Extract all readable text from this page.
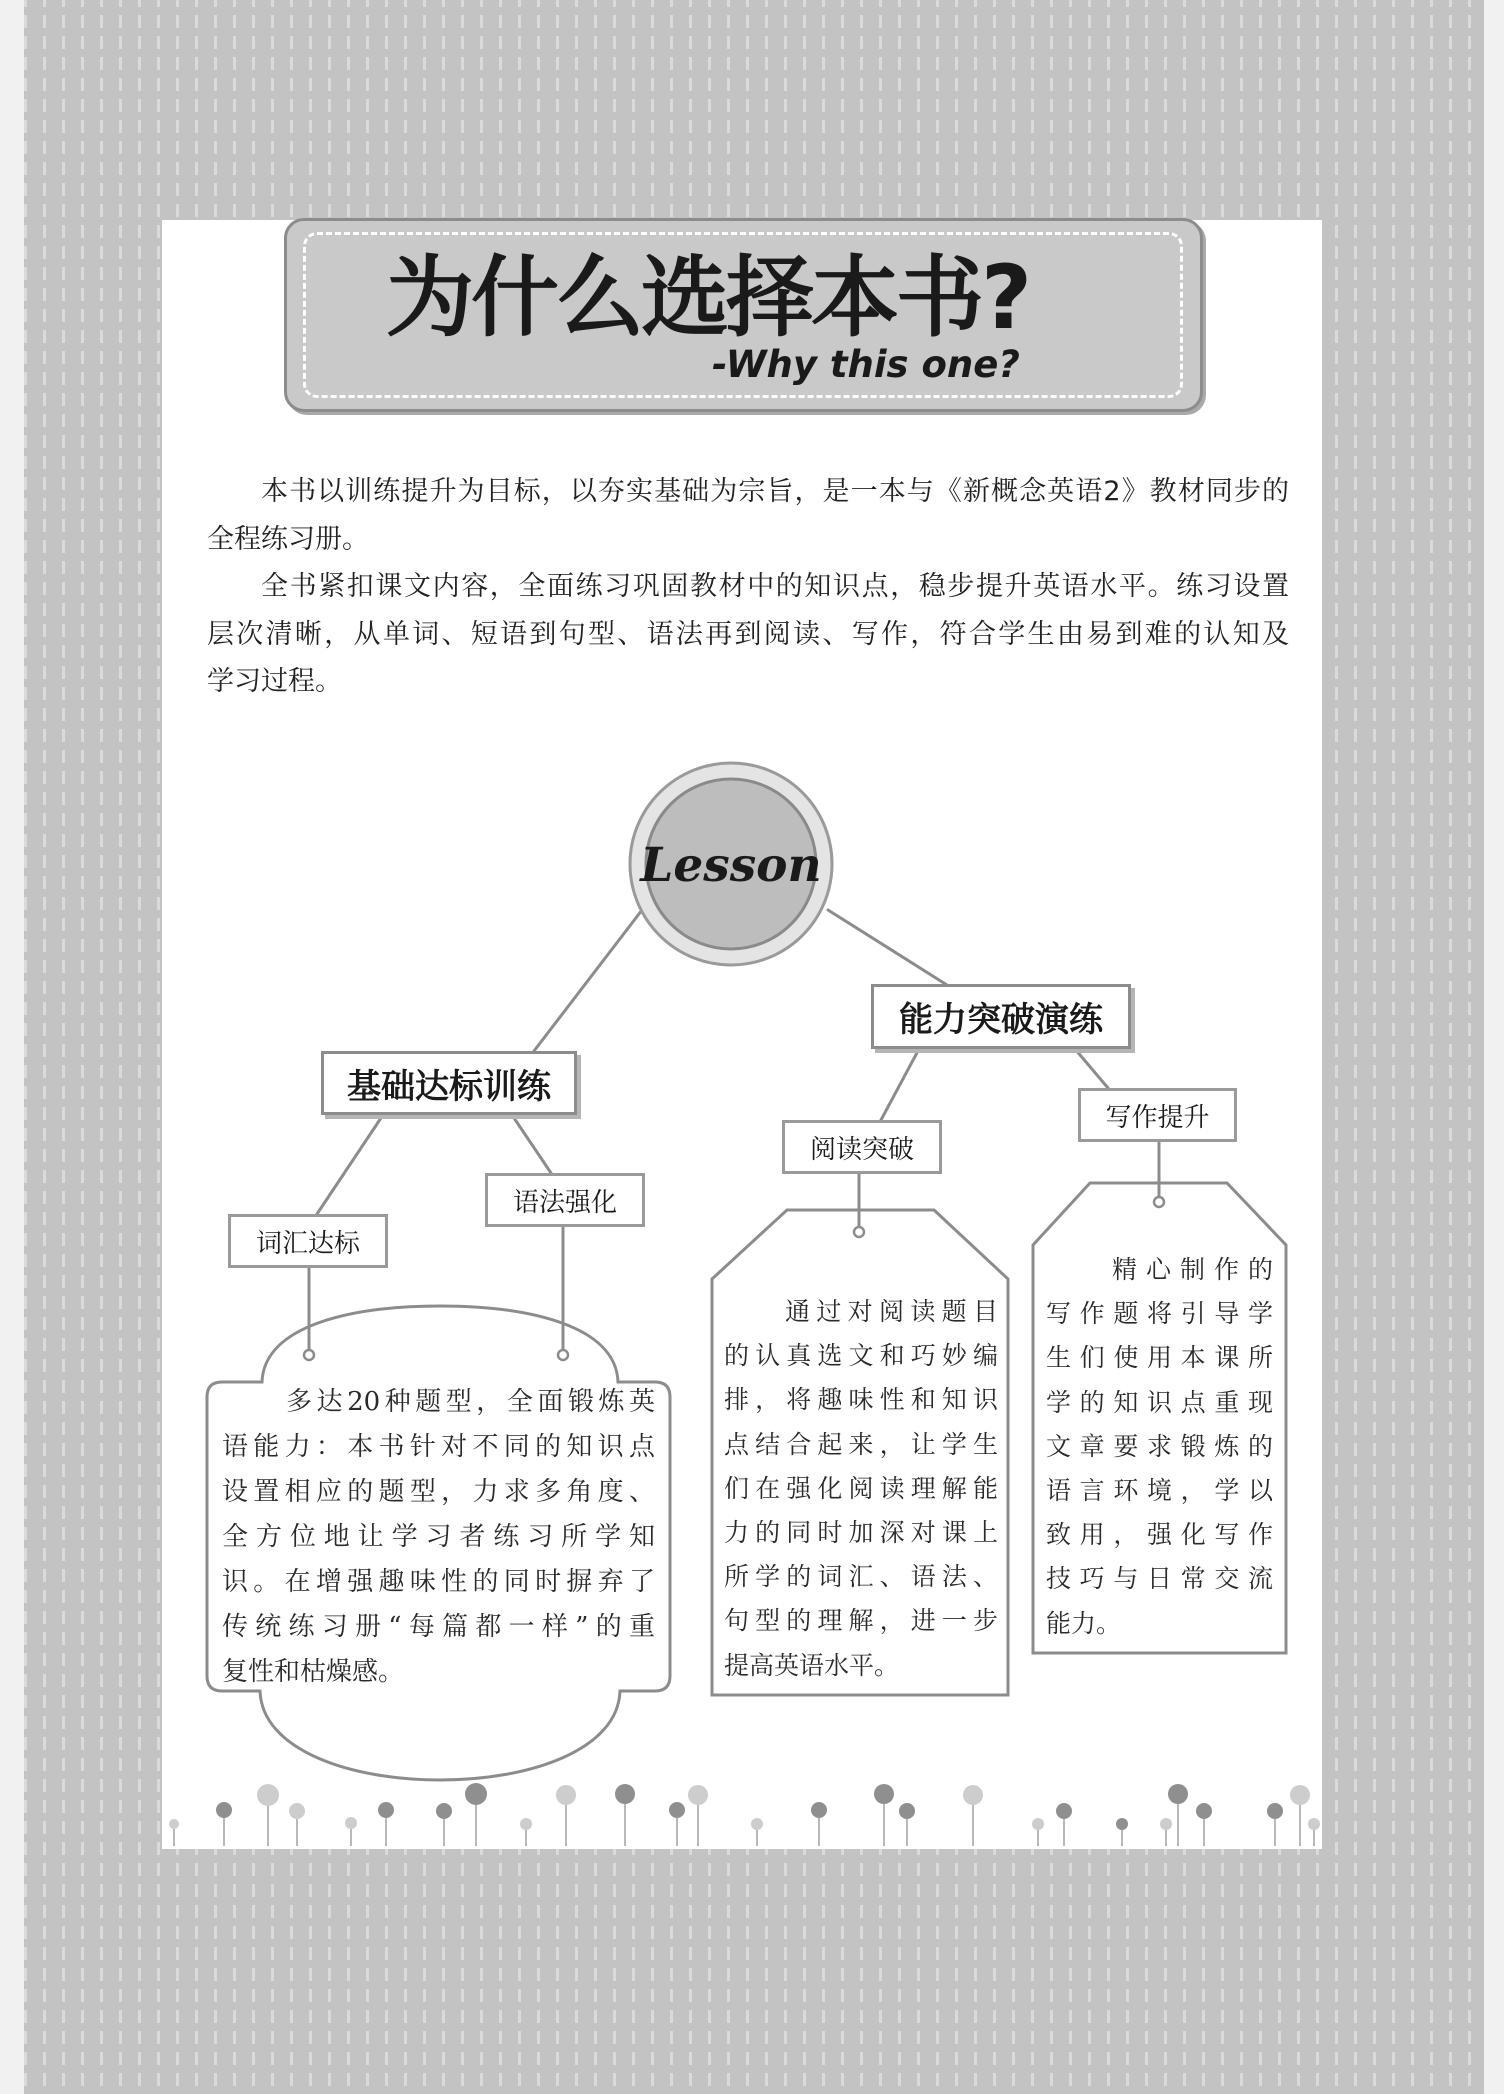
为什么选择本书?
-Why this one?
本书以训练提升为目标，以夯实基础为宗旨，是一本与《新概念英语2》教材同步的
全程练习册。
全书紧扣课文内容，全面练习巩固教材中的知识点，稳步提升英语水平。练习设置
层次清晰，从单词、短语到句型、语法再到阅读、写作，符合学生由易到难的认知及
学习过程。
Lesson
基础达标训练
能力突破演练
词汇达标
语法强化
阅读突破
写作提升
多达20种题型，全面锻炼英
语能力：本书针对不同的知识点
设置相应的题型，力求多角度、
全方位地让学习者练习所学知
识。在增强趣味性的同时摒弃了
传统练习册“每篇都一样”的重
复性和枯燥感。
通过对阅读题目
的认真选文和巧妙编
排，将趣味性和知识
点结合起来，让学生
们在强化阅读理解能
力的同时加深对课上
所学的词汇、语法、
句型的理解，进一步
提高英语水平。
精心制作的
写作题将引导学
生们使用本课所
学的知识点重现
文章要求锻炼的
语言环境，学以
致用，强化写作
技巧与日常交流
能力。
